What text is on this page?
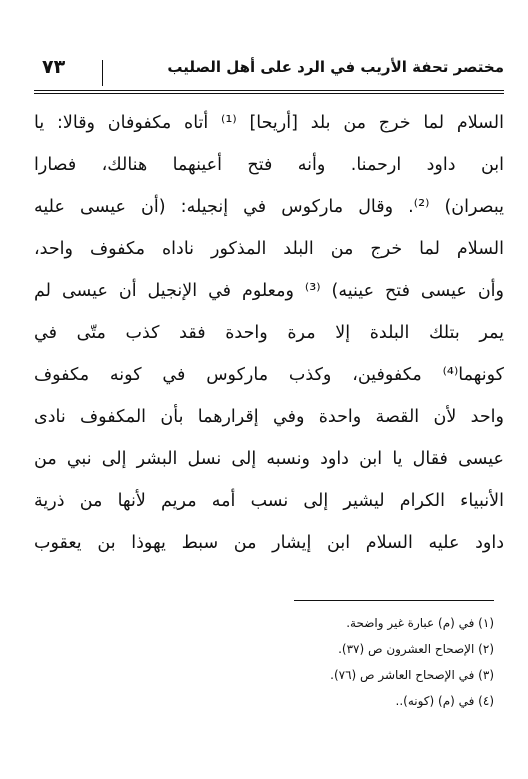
مختصر تحفة الأريب في الرد على أهل الصليب
٧٣
السلام لما خرج من بلد [أريحا] ⁽¹⁾ أتاه مكفوفان وقالا: يا
ابن داود ارحمنا. وأنه فتح أعينهما هنالك، فصارا
يبصران) ⁽²⁾. وقال ماركوس في إنجيله: (أن عيسى عليه
السلام لما خرج من البلد المذكور ناداه مكفوف واحد،
وأن عيسى فتح عينيه) ⁽³⁾ ومعلوم في الإنجيل أن عيسى لم
يمر بتلك البلدة إلا مرة واحدة فقد كذب متّى في
كونهما⁽⁴⁾ مكفوفين، وكذب ماركوس في كونه مكفوف
واحد لأن القصة واحدة وفي إقرارهما بأن المكفوف نادى
عيسى فقال يا ابن داود ونسبه إلى نسل البشر إلى نبي من
الأنبياء الكرام ليشير إلى نسب أمه مريم لأنها من ذرية
داود عليه السلام ابن إيشار من سبط يهوذا بن يعقوب
(١) في (م) عبارة غير واضحة.
(٢) الإصحاح العشرون ص (٣٧).
(٣) في الإصحاح العاشر ص (٧٦).
(٤) في (م) (كونه)..
